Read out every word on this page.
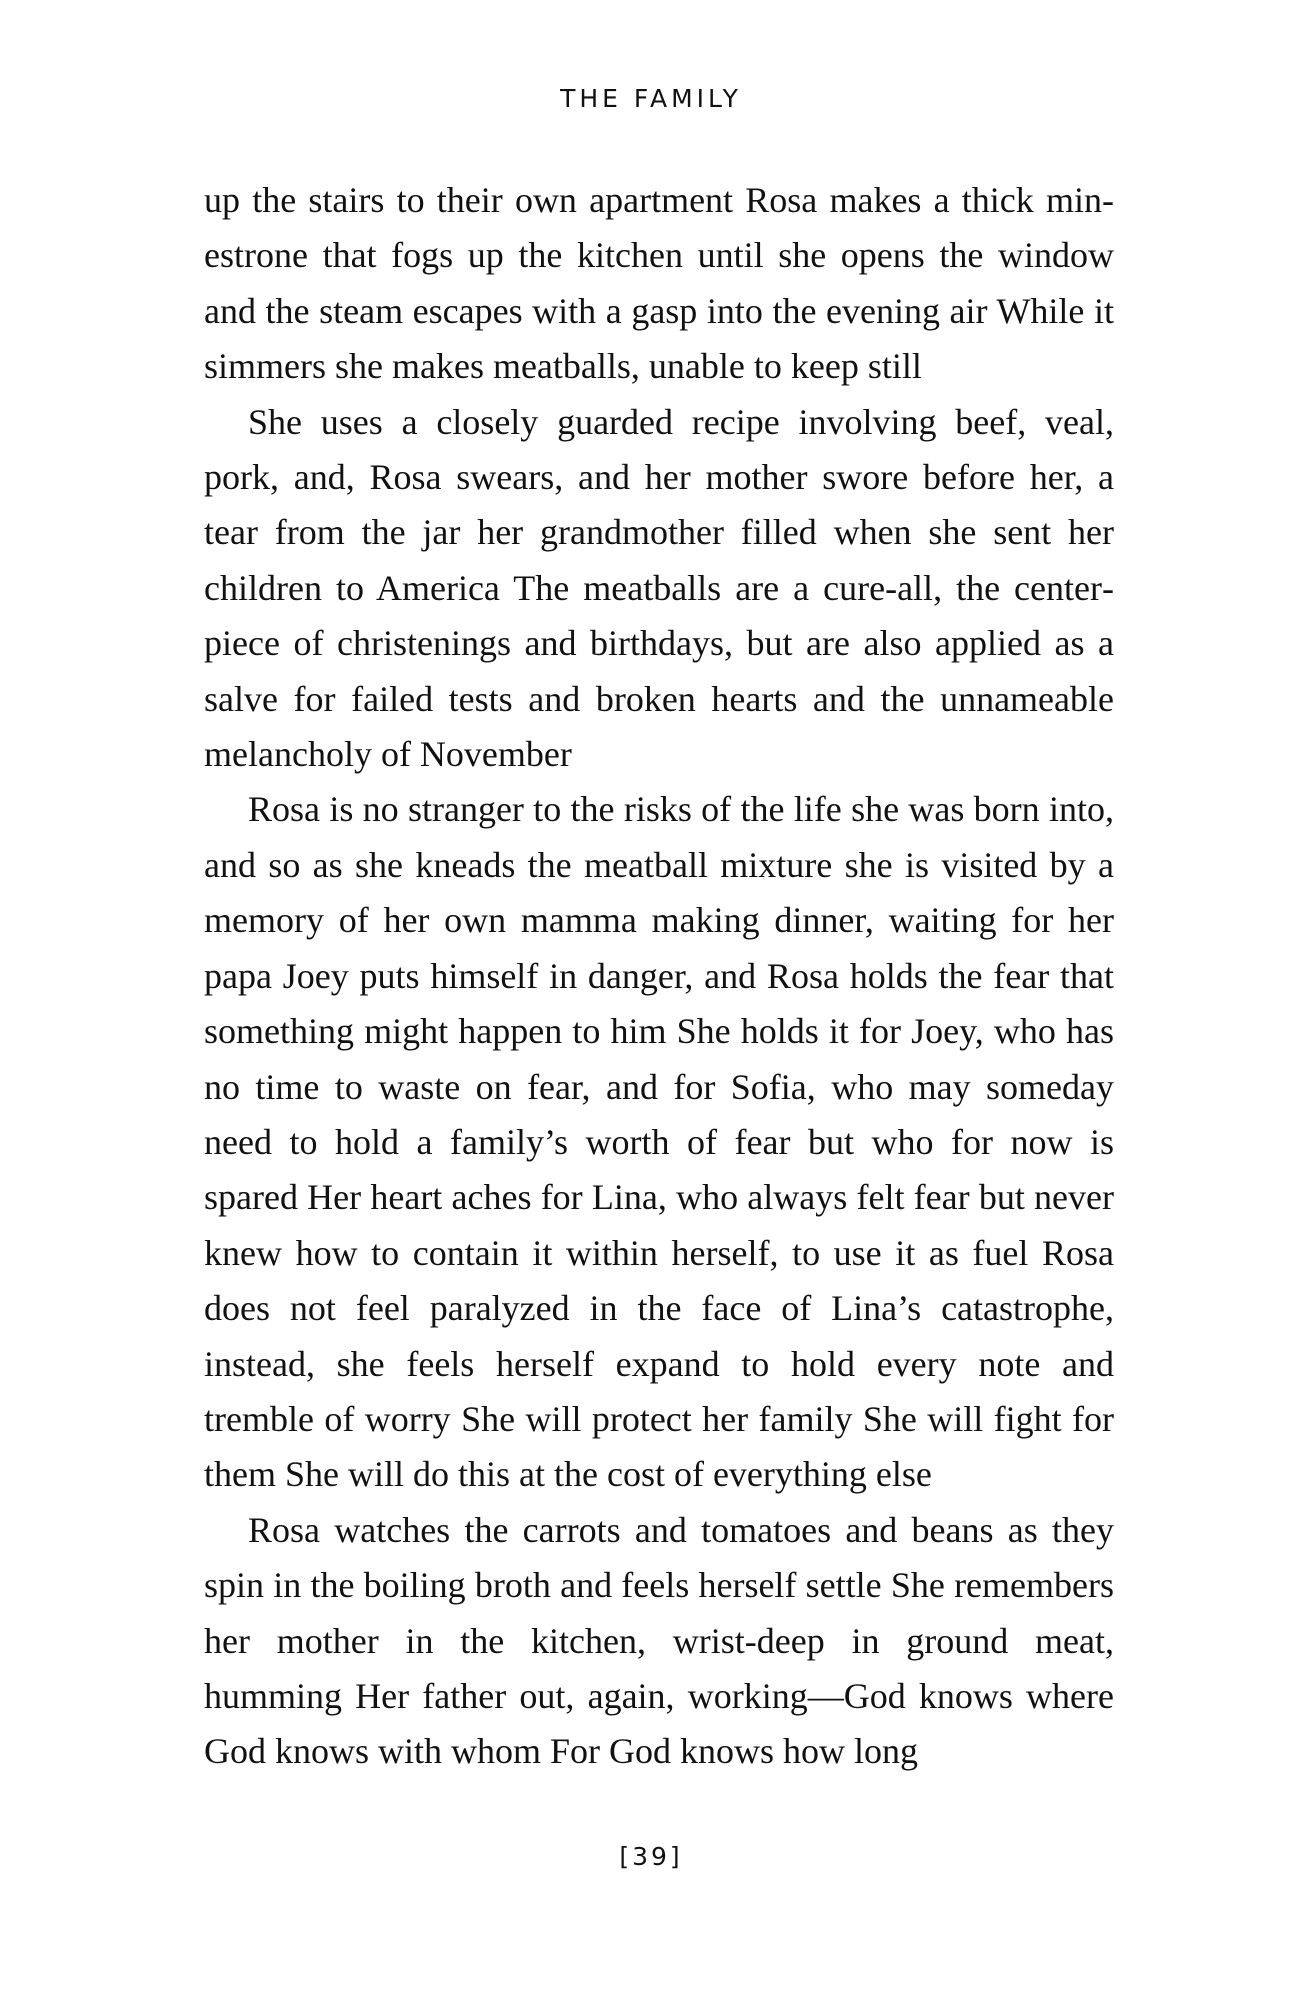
THE FAMILY

up the stairs to their own apartment Rosa makes a thick minestrone that fogs up the kitchen until she opens the window and the steam escapes with a gasp into the evening air While it simmers she makes meatballs, unable to keep still

She uses a closely guarded recipe involving beef, veal, pork, and, Rosa swears, and her mother swore before her, a tear from the jar her grandmother filled when she sent her children to America The meatballs are a cure-all, the centerpiece of christenings and birthdays, but are also applied as a salve for failed tests and broken hearts and the unnameable melancholy of November

Rosa is no stranger to the risks of the life she was born into, and so as she kneads the meatball mixture she is visited by a memory of her own mamma making dinner, waiting for her papa Joey puts himself in danger, and Rosa holds the fear that something might happen to him She holds it for Joey, who has no time to waste on fear, and for Sofia, who may someday need to hold a family’s worth of fear but who for now is spared Her heart aches for Lina, who always felt fear but never knew how to contain it within herself, to use it as fuel Rosa does not feel paralyzed in the face of Lina’s catastrophe, instead, she feels herself expand to hold every note and tremble of worry She will protect her family She will fight for them She will do this at the cost of everything else

Rosa watches the carrots and tomatoes and beans as they spin in the boiling broth and feels herself settle She remembers her mother in the kitchen, wrist-deep in ground meat, humming Her father out, again, working—God knows where God knows with whom For God knows how long

[39]
